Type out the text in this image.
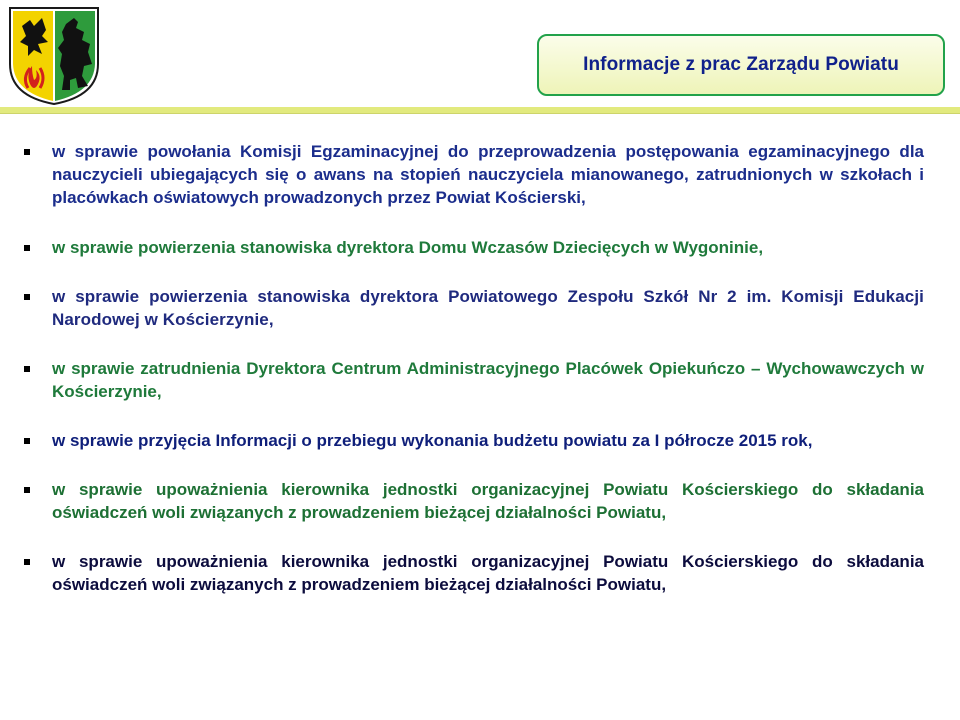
Informacje z prac Zarządu Powiatu
w sprawie powołania Komisji Egzaminacyjnej do przeprowadzenia postępowania egzaminacyjnego dla nauczycieli ubiegających się o awans na stopień nauczyciela mianowanego, zatrudnionych w szkołach i placówkach oświatowych prowadzonych przez Powiat Kościerski,
w sprawie powierzenia stanowiska dyrektora Domu Wczasów Dziecięcych w Wygoninie,
w sprawie powierzenia stanowiska dyrektora Powiatowego Zespołu Szkół Nr 2 im. Komisji Edukacji Narodowej w Kościerzynie,
w sprawie zatrudnienia Dyrektora Centrum Administracyjnego Placówek Opiekuńczo – Wychowawczych w Kościerzynie,
w sprawie przyjęcia Informacji o przebiegu wykonania budżetu powiatu za I półrocze 2015 rok,
w sprawie upoważnienia kierownika jednostki organizacyjnej Powiatu Kościerskiego do składania oświadczeń woli związanych z prowadzeniem bieżącej działalności Powiatu,
w sprawie upoważnienia kierownika jednostki organizacyjnej Powiatu Kościerskiego do składania oświadczeń woli związanych z prowadzeniem bieżącej działalności Powiatu,
